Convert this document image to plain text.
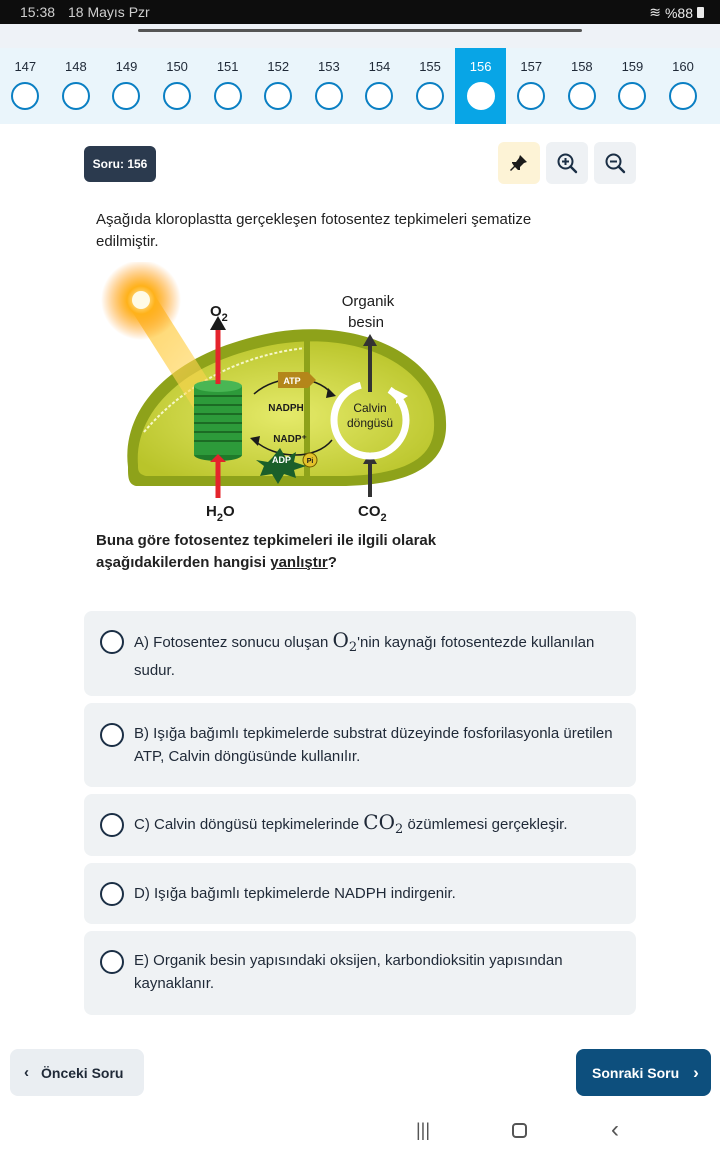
15:38 18 Mayıs Pzr	≋ %88
147	148	149	150	151	152	153	154	155	156	157	158	159	160
Soru: 156
Aşağıda kloroplastta gerçekleşen fotosentez tepkimeleri şematize edilmiştir.
$O_2$
$H_2O$	$CO_2$
Organik
besin
ATP
NADPH
NADP⁺
ADP Pi
Calvin
döngüsü
Buna göre fotosentez tepkimeleri ile ilgili olarak aşağıdakilerden hangisi yanlıştır?
A) Fotosentez sonucu oluşan $O_2'nin$ kaynağı fotosentezde kullanılan sudur.
B) Işığa bağımlı tepkimelerde substrat düzeyinde fosforilasyonla üretilen ATP, Calvin döngüsünde kullanılır.
C) Calvin döngüsü tepkimelerinde $CO_2$ özümlemesi gerçekleşir.
D) Işığa bağımlı tepkimelerde NADPH indirgenir.
E) Organik besin yapısındaki oksijen, karbondioksitin yapısından kaynaklanır.
‹ Önceki Soru	Sonraki Soru ›
|||	‹
